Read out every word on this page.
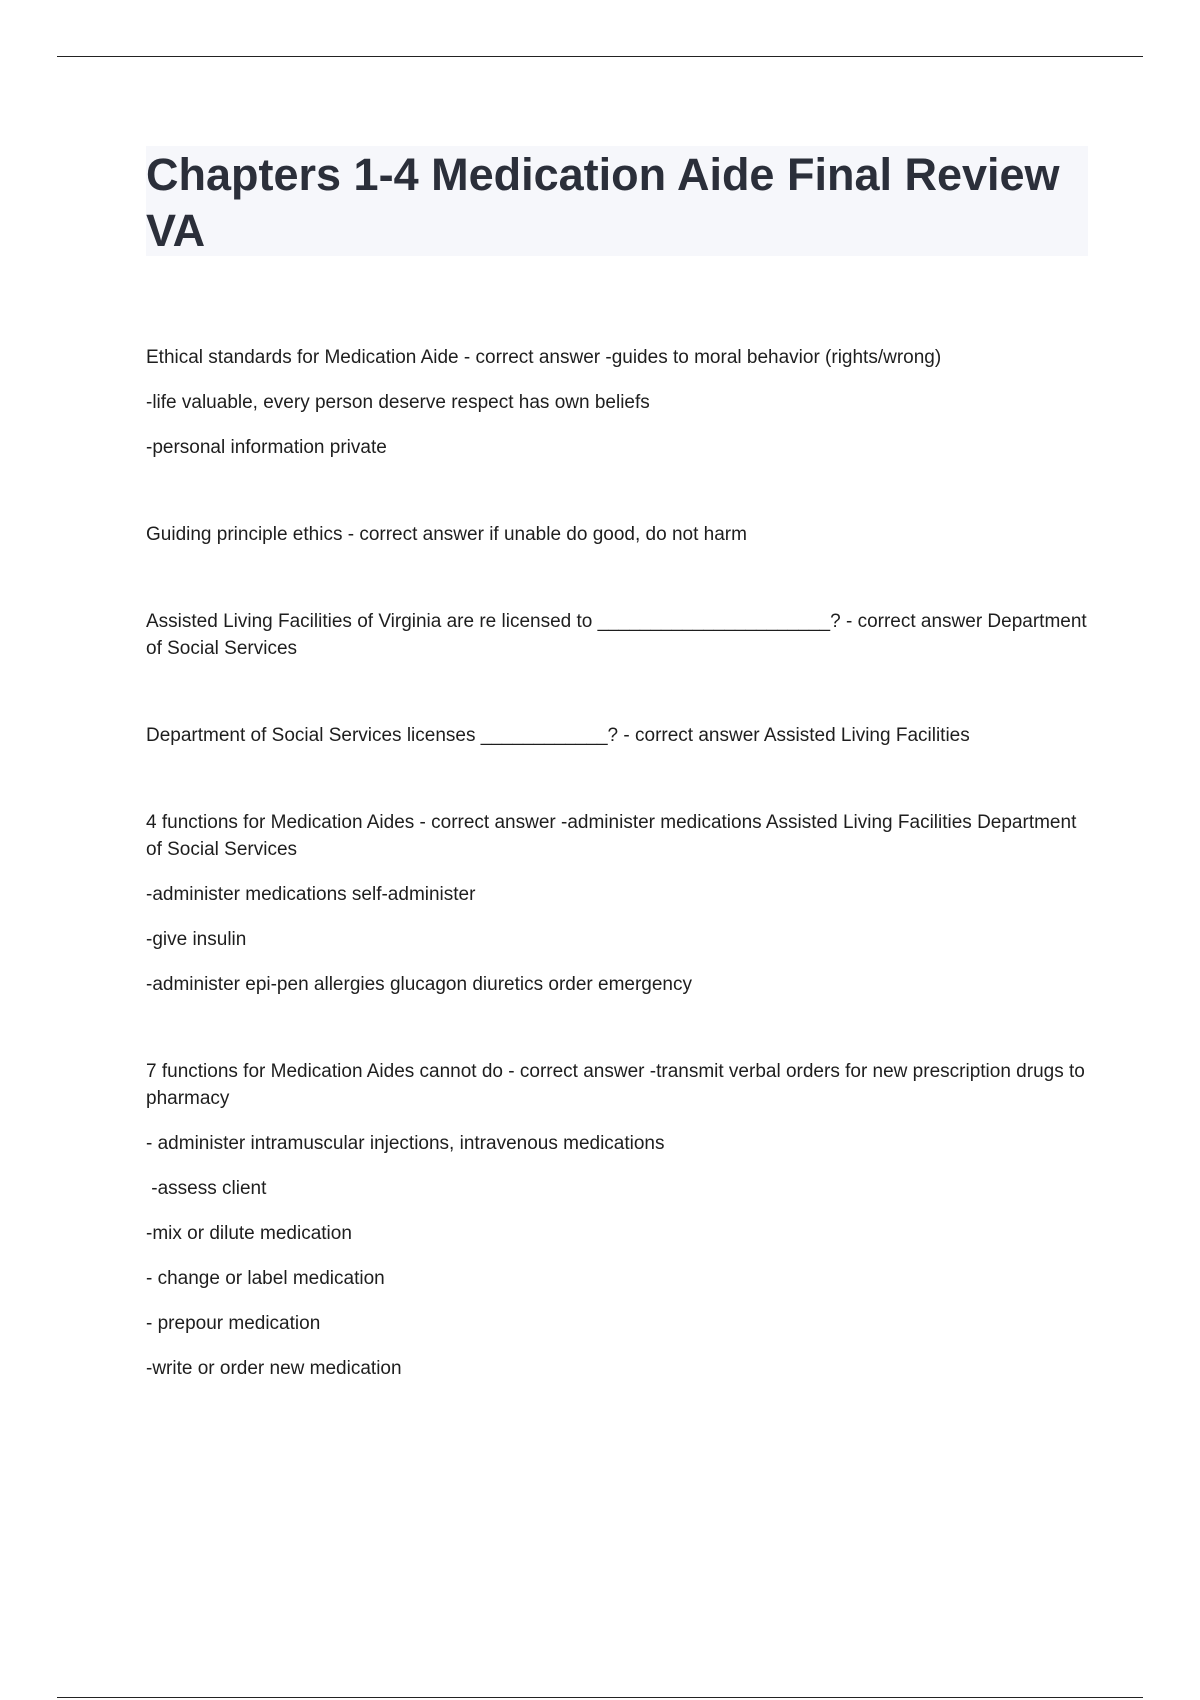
Chapters 1-4 Medication Aide Final Review VA

Ethical standards for Medication Aide - correct answer -guides to moral behavior (rights/wrong)

-life valuable, every person deserve respect has own beliefs

-personal information private

Guiding principle ethics - correct answer if unable do good, do not harm

Assisted Living Facilities of Virginia are re licensed to ______________________? - correct answer Department of Social Services

Department of Social Services licenses ____________? - correct answer Assisted Living Facilities

4 functions for Medication Aides - correct answer -administer medications Assisted Living Facilities Department of Social Services

-administer medications self-administer

-give insulin

-administer epi-pen allergies glucagon diuretics order emergency

7 functions for Medication Aides cannot do - correct answer -transmit verbal orders for new prescription drugs to pharmacy

- administer intramuscular injections, intravenous medications

-assess client

-mix or dilute medication

- change or label medication

- prepour medication

-write or order new medication
